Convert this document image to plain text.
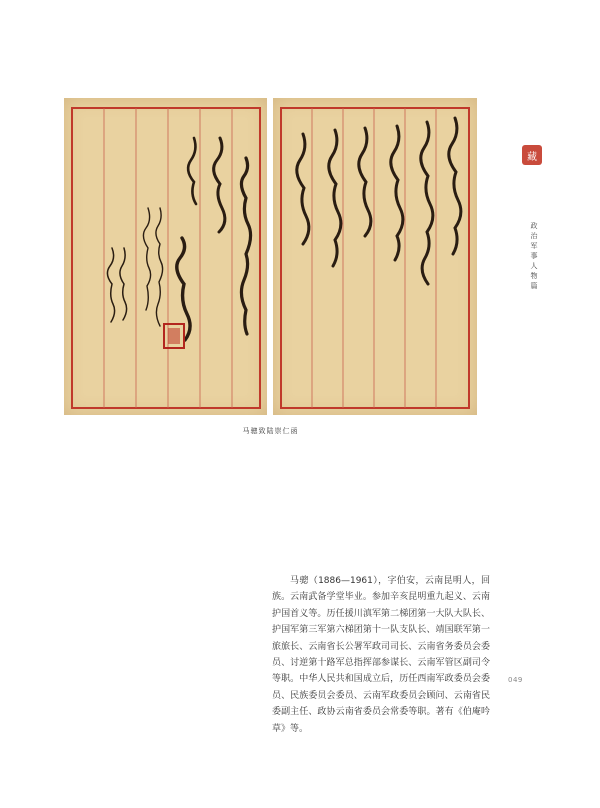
马骢致陆崇仁函
藏
政治军事人物篇
马骢（1886—1961），字伯安，云南昆明人，回族。云南武备学堂毕业。参加辛亥昆明重九起义、云南护国首义等。历任援川滇军第二梯团第一大队大队长、护国军第三军第六梯团第十一队支队长、靖国联军第一旅旅长、云南省长公署军政司司长、云南省务委员会委员、讨逆第十路军总指挥部参谋长、云南军管区副司令等职。中华人民共和国成立后，历任西南军政委员会委员、民族委员会委员、云南军政委员会顾问、云南省民委副主任、政协云南省委员会常委等职。著有《伯庵吟草》等。
049
